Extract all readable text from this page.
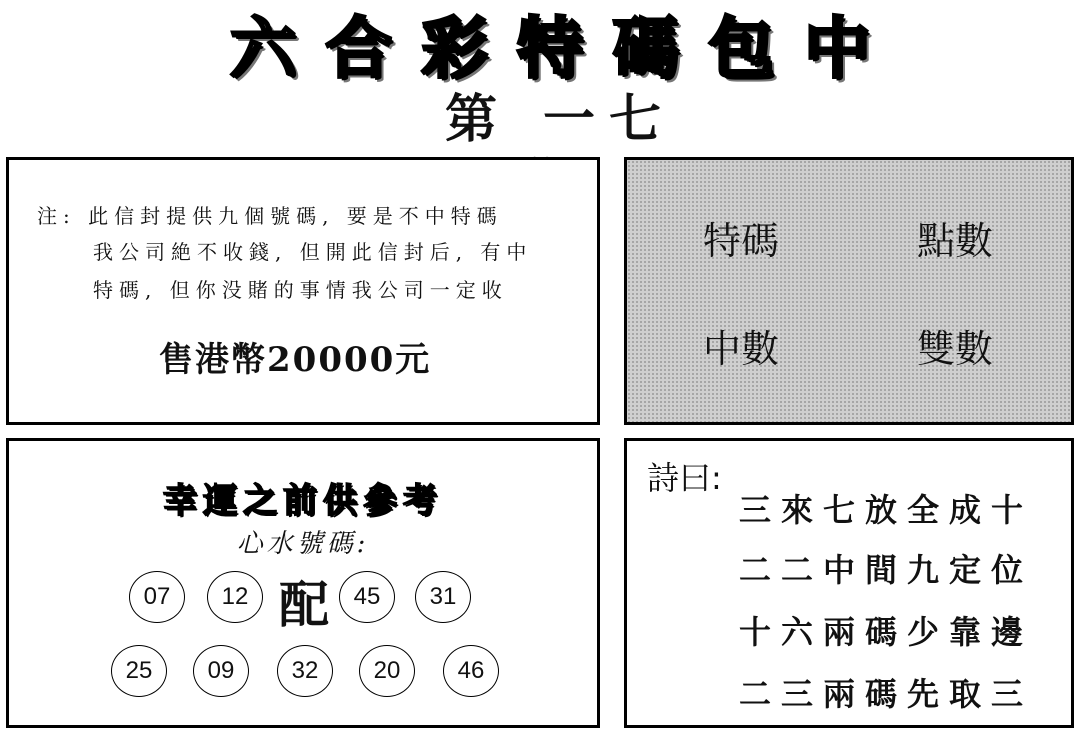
六 合 彩 特 碼 包 中
第 一七
注: 此信封提供九個號碼, 要是不中特碼
我公司絶不收錢, 但開此信封后, 有中
特碼, 但你没賭的事情我公司一定收
售港幣20000元
特碼	點數
中數	雙數
幸運之前供參考
心水號碼:
07	12 配	45	31
25	09	32	20	46
詩曰:
三來七放全成十
二二中間九定位
十六兩碼少靠邊
二三兩碼先取三
